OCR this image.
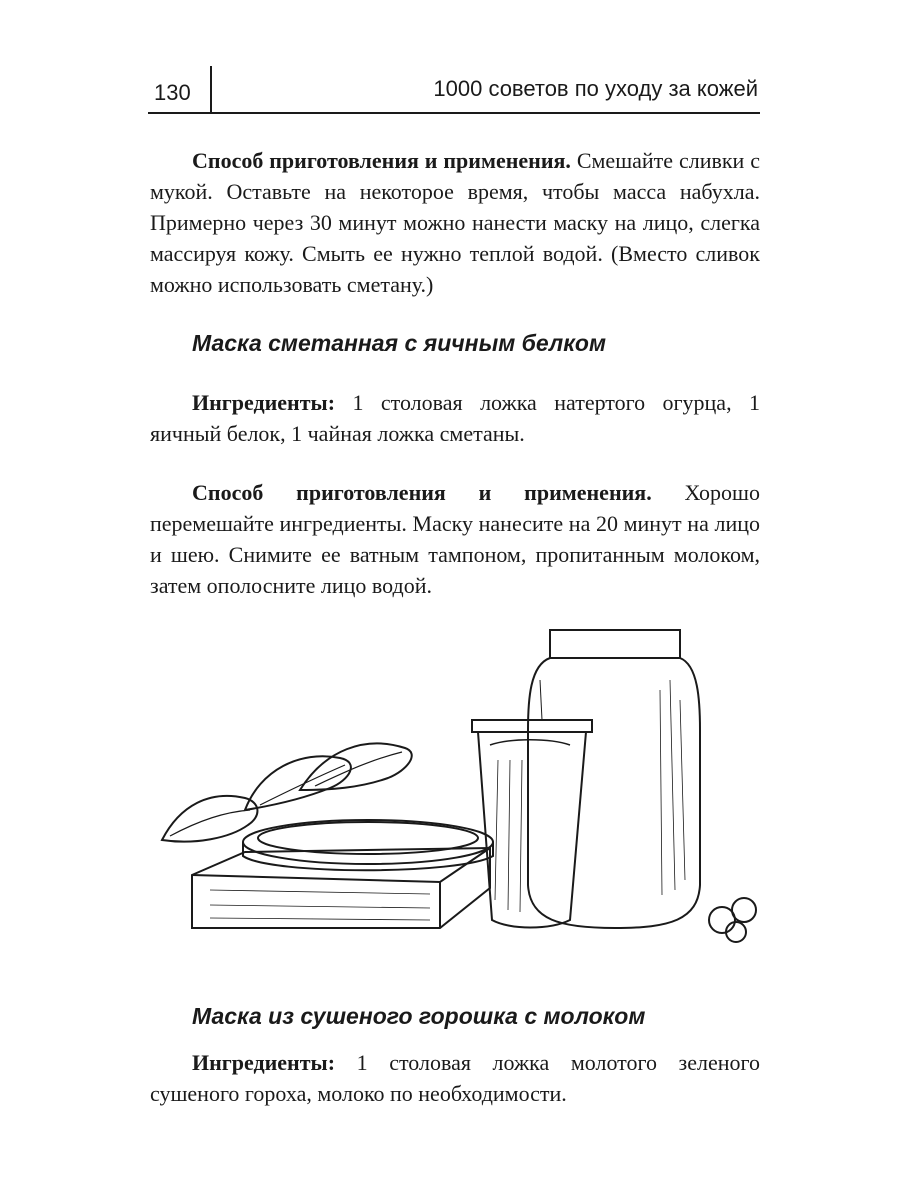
130	1000 советов по уходу за кожей

Способ приготовления и применения. Смешайте сливки с мукой. Оставьте на некоторое время, чтобы масса набухла. Примерно через 30 минут можно нанести маску на лицо, слегка массируя кожу. Смыть ее нужно теплой водой. (Вместо сливок можно использовать сметану.)

Маска сметанная с яичным белком

Ингредиенты: 1 столовая ложка натертого огурца, 1 яичный белок, 1 чайная ложка сметаны.

Способ приготовления и применения. Хорошо перемешайте ингредиенты. Маску нанесите на 20 минут на лицо и шею. Снимите ее ватным тампоном, пропитанным молоком, затем ополосните лицо водой.

Маска из сушеного горошка с молоком

Ингредиенты: 1 столовая ложка молотого зеленого сушеного гороха, молоко по необходимости.
